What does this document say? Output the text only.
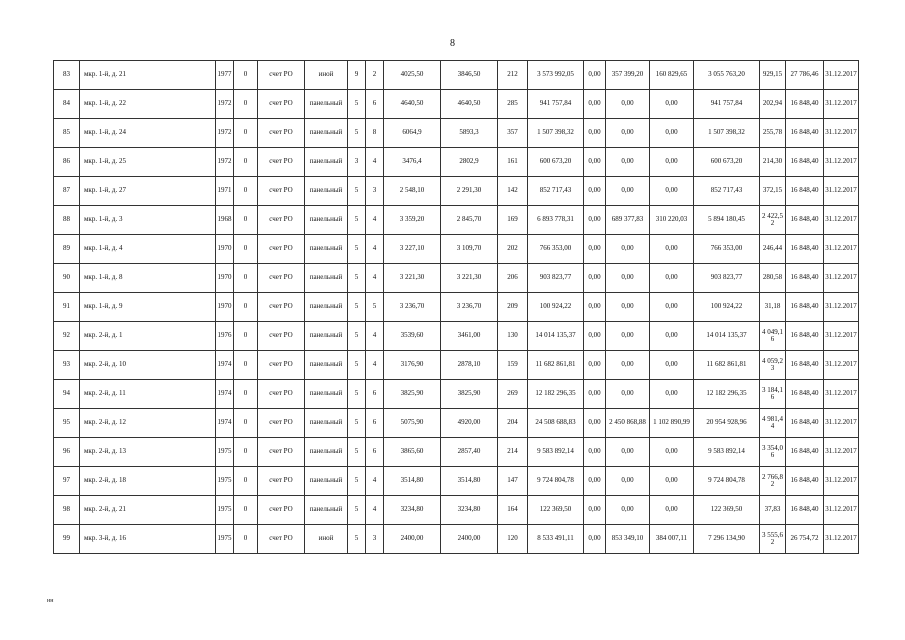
8
83	мкр. 1-й, д. 21	1977	0	счет РО	иной	9	2	4025,50	3846,50	212	3 573 992,05	0,00	357 399,20	160 829,65	3 055 763,20	929,15	27 786,46	31.12.2017
84	мкр. 1-й, д. 22	1972	0	счет РО	панельный	5	6	4640,50	4640,50	285	941 757,84	0,00	0,00	0,00	941 757,84	202,94	16 848,40	31.12.2017
85	мкр. 1-й, д. 24	1972	0	счет РО	панельный	5	8	6064,9	5893,3	357	1 507 398,32	0,00	0,00	0,00	1 507 398,32	255,78	16 848,40	31.12.2017
86	мкр. 1-й, д. 25	1972	0	счет РО	панельный	3	4	3476,4	2802,9	161	600 673,20	0,00	0,00	0,00	600 673,20	214,30	16 848,40	31.12.2017
87	мкр. 1-й, д. 27	1971	0	счет РО	панельный	5	3	2 548,10	2 291,30	142	852 717,43	0,00	0,00	0,00	852 717,43	372,15	16 848,40	31.12.2017
88	мкр. 1-й, д. 3	1968	0	счет РО	панельный	5	4	3 359,20	2 845,70	169	6 893 778,31	0,00	689 377,83	310 220,03	5 894 180,45	2 422,52	16 848,40	31.12.2017
89	мкр. 1-й, д. 4	1970	0	счет РО	панельный	5	4	3 227,10	3 109,70	202	766 353,00	0,00	0,00	0,00	766 353,00	246,44	16 848,40	31.12.2017
90	мкр. 1-й, д. 8	1970	0	счет РО	панельный	5	4	3 221,30	3 221,30	206	903 823,77	0,00	0,00	0,00	903 823,77	280,58	16 848,40	31.12.2017
91	мкр. 1-й, д. 9	1970	0	счет РО	панельный	5	5	3 236,70	3 236,70	209	100 924,22	0,00	0,00	0,00	100 924,22	31,18	16 848,40	31.12.2017
92	мкр. 2-й, д. 1	1976	0	счет РО	панельный	5	4	3539,60	3461,00	130	14 014 135,37	0,00	0,00	0,00	14 014 135,37	4 049,16	16 848,40	31.12.2017
93	мкр. 2-й, д. 10	1974	0	счет РО	панельный	5	4	3176,90	2878,10	159	11 682 861,81	0,00	0,00	0,00	11 682 861,81	4 059,23	16 848,40	31.12.2017
94	мкр. 2-й, д. 11	1974	0	счет РО	панельный	5	6	3825,90	3825,90	269	12 182 296,35	0,00	0,00	0,00	12 182 296,35	3 184,16	16 848,40	31.12.2017
95	мкр. 2-й, д. 12	1974	0	счет РО	панельный	5	6	5075,90	4920,00	204	24 508 688,83	0,00	2 450 868,88	1 102 890,99	20 954 928,96	4 981,44	16 848,40	31.12.2017
96	мкр. 2-й, д. 13	1975	0	счет РО	панельный	5	6	3865,60	2857,40	214	9 583 892,14	0,00	0,00	0,00	9 583 892,14	3 354,06	16 848,40	31.12.2017
97	мкр. 2-й, д. 18	1975	0	счет РО	панельный	5	4	3514,80	3514,80	147	9 724 804,78	0,00	0,00	0,00	9 724 804,78	2 766,82	16 848,40	31.12.2017
98	мкр. 2-й, д. 21	1975	0	счет РО	панельный	5	4	3234,80	3234,80	164	122 369,50	0,00	0,00	0,00	122 369,50	37,83	16 848,40	31.12.2017
99	мкр. 3-й, д. 16	1975	0	счет РО	иной	5	3	2400,00	2400,00	120	8 533 491,11	0,00	853 349,10	384 007,11	7 296 134,90	3 555,62	26 754,72	31.12.2017
нн
